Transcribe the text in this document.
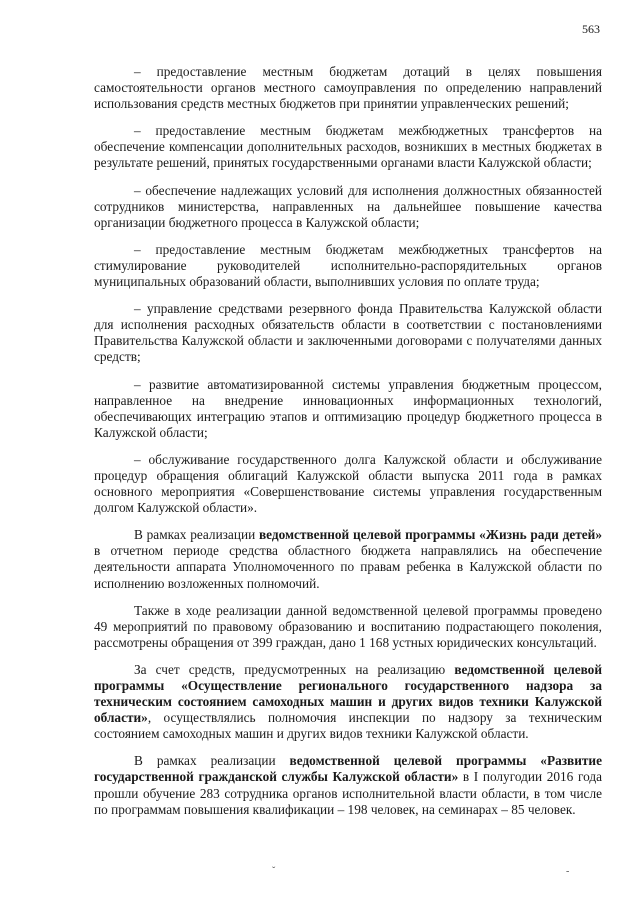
563

– предоставление местным бюджетам дотаций в целях повышения самостоятельности органов местного самоуправления по определению направлений использования средств местных бюджетов при принятии управленческих решений;

– предоставление местным бюджетам межбюджетных трансфертов на обеспечение компенсации дополнительных расходов, возникших в местных бюджетах в результате решений, принятых государственными органами власти Калужской области;

– обеспечение надлежащих условий для исполнения должностных обязанностей сотрудников министерства, направленных на дальнейшее повышение качества организации бюджетного процесса в Калужской области;

– предоставление местным бюджетам межбюджетных трансфертов на стимулирование руководителей исполнительно-распорядительных органов муниципальных образований области, выполнивших условия по оплате труда;

– управление средствами резервного фонда Правительства Калужской области для исполнения расходных обязательств области в соответствии с постановлениями Правительства Калужской области и заключенными договорами с получателями данных средств;

– развитие автоматизированной системы управления бюджетным процессом, направленное на внедрение инновационных информационных технологий, обеспечивающих интеграцию этапов и оптимизацию процедур бюджетного процесса в Калужской области;

– обслуживание государственного долга Калужской области и обслуживание процедур обращения облигаций Калужской области выпуска 2011 года в рамках основного мероприятия «Совершенствование системы управления государственным долгом Калужской области».

В рамках реализации ведомственной целевой программы «Жизнь ради детей» в отчетном периоде средства областного бюджета направлялись на обеспечение деятельности аппарата Уполномоченного по правам ребенка в Калужской области по исполнению возложенных полномочий.

Также в ходе реализации данной ведомственной целевой программы проведено 49 мероприятий по правовому образованию и воспитанию подрастающего поколения, рассмотрены обращения от 399 граждан, дано 1 168 устных юридических консультаций.

За счет средств, предусмотренных на реализацию ведомственной целевой программы «Осуществление регионального государственного надзора за техническим состоянием самоходных машин и других видов техники Калужской области», осуществлялись полномочия инспекции по надзору за техническим состоянием самоходных машин и других видов техники Калужской области.

В рамках реализации ведомственной целевой программы «Развитие государственной гражданской службы Калужской области» в I полугодии 2016 года прошли обучение 283 сотрудника органов исполнительной власти области, в том числе по программам повышения квалификации – 198 человек, на семинарах – 85 человек.

ˇ	-
